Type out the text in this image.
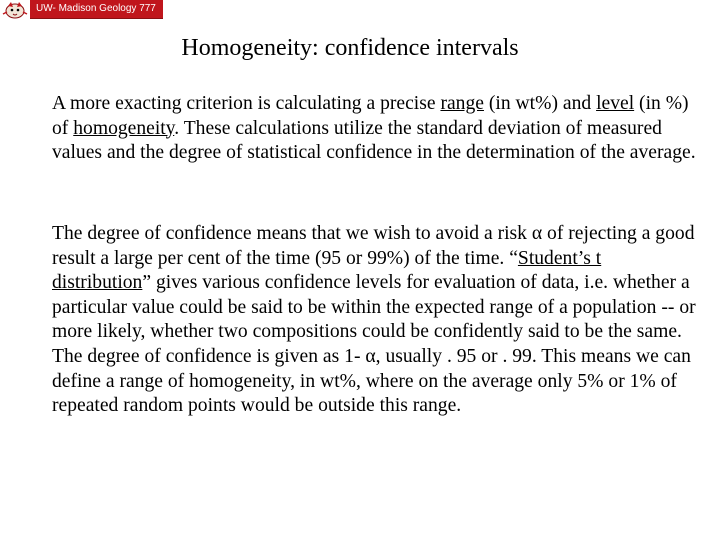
UW- Madison Geology 777
Homogeneity: confidence intervals

A more exacting criterion is calculating a precise range (in wt%) and level (in %) of homogeneity. These calculations utilize the standard deviation of measured values and the degree of statistical confidence in the determination of the average.

The degree of confidence means that we wish to avoid a risk α of rejecting a good result a large per cent of the time (95 or 99%) of the time. “Student’s t distribution” gives various confidence levels for evaluation of data, i.e. whether a particular value could be said to be within the expected range of a population -- or more likely, whether two compositions could be confidently said to be the same. The degree of confidence is given as 1- α, usually . 95 or . 99. This means we can define a range of homogeneity, in wt%, where on the average only 5% or 1% of repeated random points would be outside this range.
